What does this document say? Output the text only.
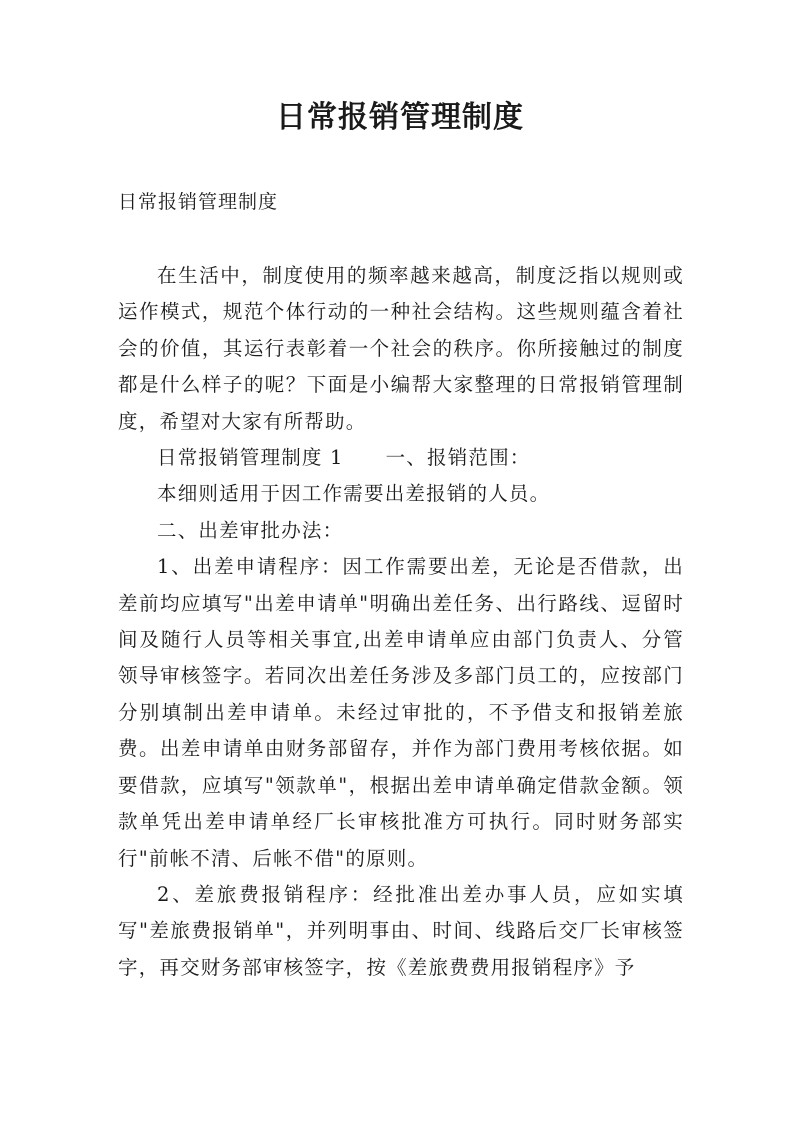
日常报销管理制度
日常报销管理制度

在生活中，制度使用的频率越来越高，制度泛指以规则或运作模式，规范个体行动的一种社会结构。这些规则蕴含着社会的价值，其运行表彰着一个社会的秩序。你所接触过的制度都是什么样子的呢？下面是小编帮大家整理的日常报销管理制度，希望对大家有所帮助。

日常报销管理制度 1 一、报销范围：

本细则适用于因工作需要出差报销的人员。

二、出差审批办法：

1、出差申请程序：因工作需要出差，无论是否借款，出差前均应填写"出差申请单"明确出差任务、出行路线、逗留时间及随行人员等相关事宜,出差申请单应由部门负责人、分管领导审核签字。若同次出差任务涉及多部门员工的，应按部门分别填制出差申请单。未经过审批的，不予借支和报销差旅费。出差申请单由财务部留存，并作为部门费用考核依据。如要借款，应填写"领款单"，根据出差申请单确定借款金额。领款单凭出差申请单经厂长审核批准方可执行。同时财务部实行"前帐不清、后帐不借"的原则。

2、差旅费报销程序：经批准出差办事人员，应如实填写"差旅费报销单"，并列明事由、时间、线路后交厂长审核签字，再交财务部审核签字，按《差旅费费用报销程序》予
